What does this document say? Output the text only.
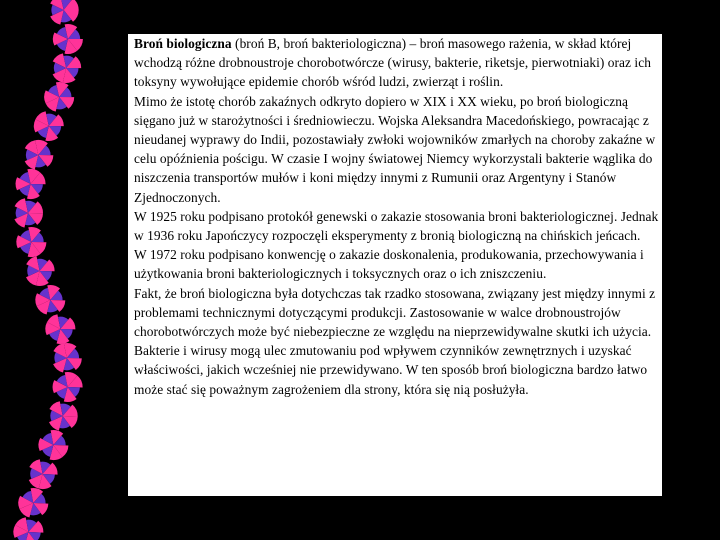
Broń biologiczna (broń B, broń bakteriologiczna) – broń masowego rażenia, w skład której wchodzą różne drobnoustroje chorobotwórcze (wirusy, bakterie, riketsje, pierwotniaki) oraz ich toksyny wywołujące epidemie chorób wśród ludzi, zwierząt i roślin.

Mimo że istotę chorób zakaźnych odkryto dopiero w XIX i XX wieku, po broń biologiczną sięgano już w starożytności i średniowieczu. Wojska Aleksandra Macedońskiego, powracając z nieudanej wyprawy do Indii, pozostawiały zwłoki wojowników zmarłych na choroby zakaźne w celu opóźnienia pościgu. W czasie I wojny światowej Niemcy wykorzystali bakterie wąglika do niszczenia transportów mułów i koni między innymi z Rumunii oraz Argentyny i Stanów Zjednoczonych.

W 1925 roku podpisano protokół genewski o zakazie stosowania broni bakteriologicznej. Jednak w 1936 roku Japończycy rozpoczęli eksperymenty z bronią biologiczną na chińskich jeńcach.

W 1972 roku podpisano konwencję o zakazie doskonalenia, produkowania, przechowywania i użytkowania broni bakteriologicznych i toksycznych oraz o ich zniszczeniu.

Fakt, że broń biologiczna była dotychczas tak rzadko stosowana, związany jest między innymi z problemami technicznymi dotyczącymi produkcji. Zastosowanie w walce drobnoustrojów chorobotwórczych może być niebezpieczne ze względu na nieprzewidywalne skutki ich użycia. Bakterie i wirusy mogą ulec zmutowaniu pod wpływem czynników zewnętrznych i uzyskać właściwości, jakich wcześniej nie przewidywano. W ten sposób broń biologiczna bardzo łatwo może stać się poważnym zagrożeniem dla strony, która się nią posłużyła.
